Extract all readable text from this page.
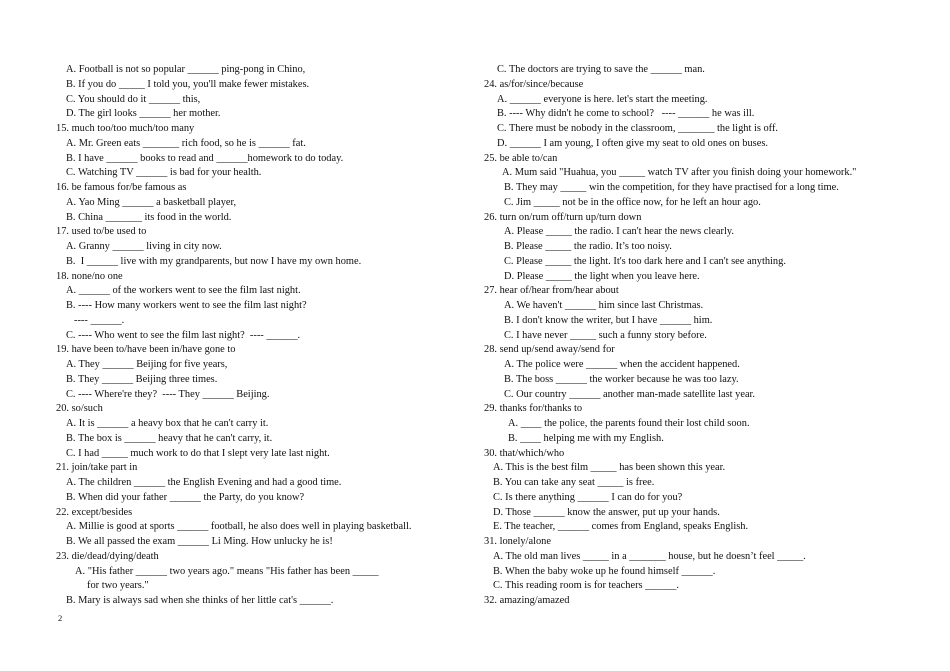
A. Football is not so popular ______ ping-pong in Chino,
B. If you do _____ I told you, you'll make fewer mistakes.
C. You should do it ______ this,
D. The girl looks ______ her mother.
15. much too/too much/too many
A. Mr. Green eats _______ rich food, so he is ______ fat.
B. I have ______ books to read and ______homework to do today.
C. Watching TV ______ is bad for your health.
16. be famous for/be famous as
A. Yao Ming ______ a basketball player,
B. China _______ its food in the world.
17. used to/be used to
A. Granny ______ living in city now.
B.  I ______ live with my grandparents, but now I have my own home.
18. none/no one
A. ______ of the workers went to see the film last night.
B. ---- How many workers went to see the film last night?
---- ______.
C. ---- Who went to see the film last night?  ---- ______.
19. have been to/have been in/have gone to
A. They ______ Beijing for five years,
B. They ______ Beijing three times.
C. ---- Where're they?  ---- They ______ Beijing.
20. so/such
A. It is ______ a heavy box that he can't carry it.
B. The box is ______ heavy that he can't carry, it.
C. I had _____ much work to do that I slept very late last night.
21. join/take part in
A. The children ______ the English Evening and had a good time.
B. When did your father ______ the Party, do you know?
22. except/besides
A. Millie is good at sports ______ football, he also does well in playing basketball.
B. We all passed the exam ______ Li Ming. How unlucky he is!
23. die/dead/dying/death
A. "His father ______ two years ago." means "His father has been _____
for two years."
B. Mary is always sad when she thinks of her little cat's ______.
C. The doctors are trying to save the ______ man.
24. as/for/since/because
A. ______ everyone is here. let's start the meeting.
B. ---- Why didn't he come to school?   ---- ______ he was ill.
C. There must be nobody in the classroom, _______ the light is off.
D. ______ I am young, I often give my seat to old ones on buses.
25. be able to/can
A. Mum said "Huahua, you _____ watch TV after you finish doing your homework."
B. They may _____ win the competition, for they have practised for a long time.
C. Jim _____ not be in the office now, for he left an hour ago.
26. turn on/rum off/turn up/turn down
A. Please _____ the radio. I can't hear the news clearly.
B. Please _____ the radio. It’s too noisy.
C. Please _____ the light. It's too dark here and I can't see anything.
D. Please _____ the light when you leave here.
27. hear of/hear from/hear about
A. We haven't ______ him since last Christmas.
B. I don't know the writer, but I have ______ him.
C. I have never _____ such a funny story before.
28. send up/send away/send for
A. The police were ______ when the accident happened.
B. The boss ______ the worker because he was too lazy.
C. Our country ______ another man-made satellite last year.
29. thanks for/thanks to
A. ____ the police, the parents found their lost child soon.
B. ____ helping me with my English.
30. that/which/who
A. This is the best film _____ has been shown this year.
B. You can take any seat _____ is free.
C. Is there anything ______ I can do for you?
D. Those ______ know the answer, put up your hands.
E. The teacher, ______ comes from England, speaks English.
31. lonely/alone
A. The old man lives _____ in a _______ house, but he doesn’t feel _____.
B. When the baby woke up he found himself ______.
C. This reading room is for teachers ______.
32. amazing/amazed
2
